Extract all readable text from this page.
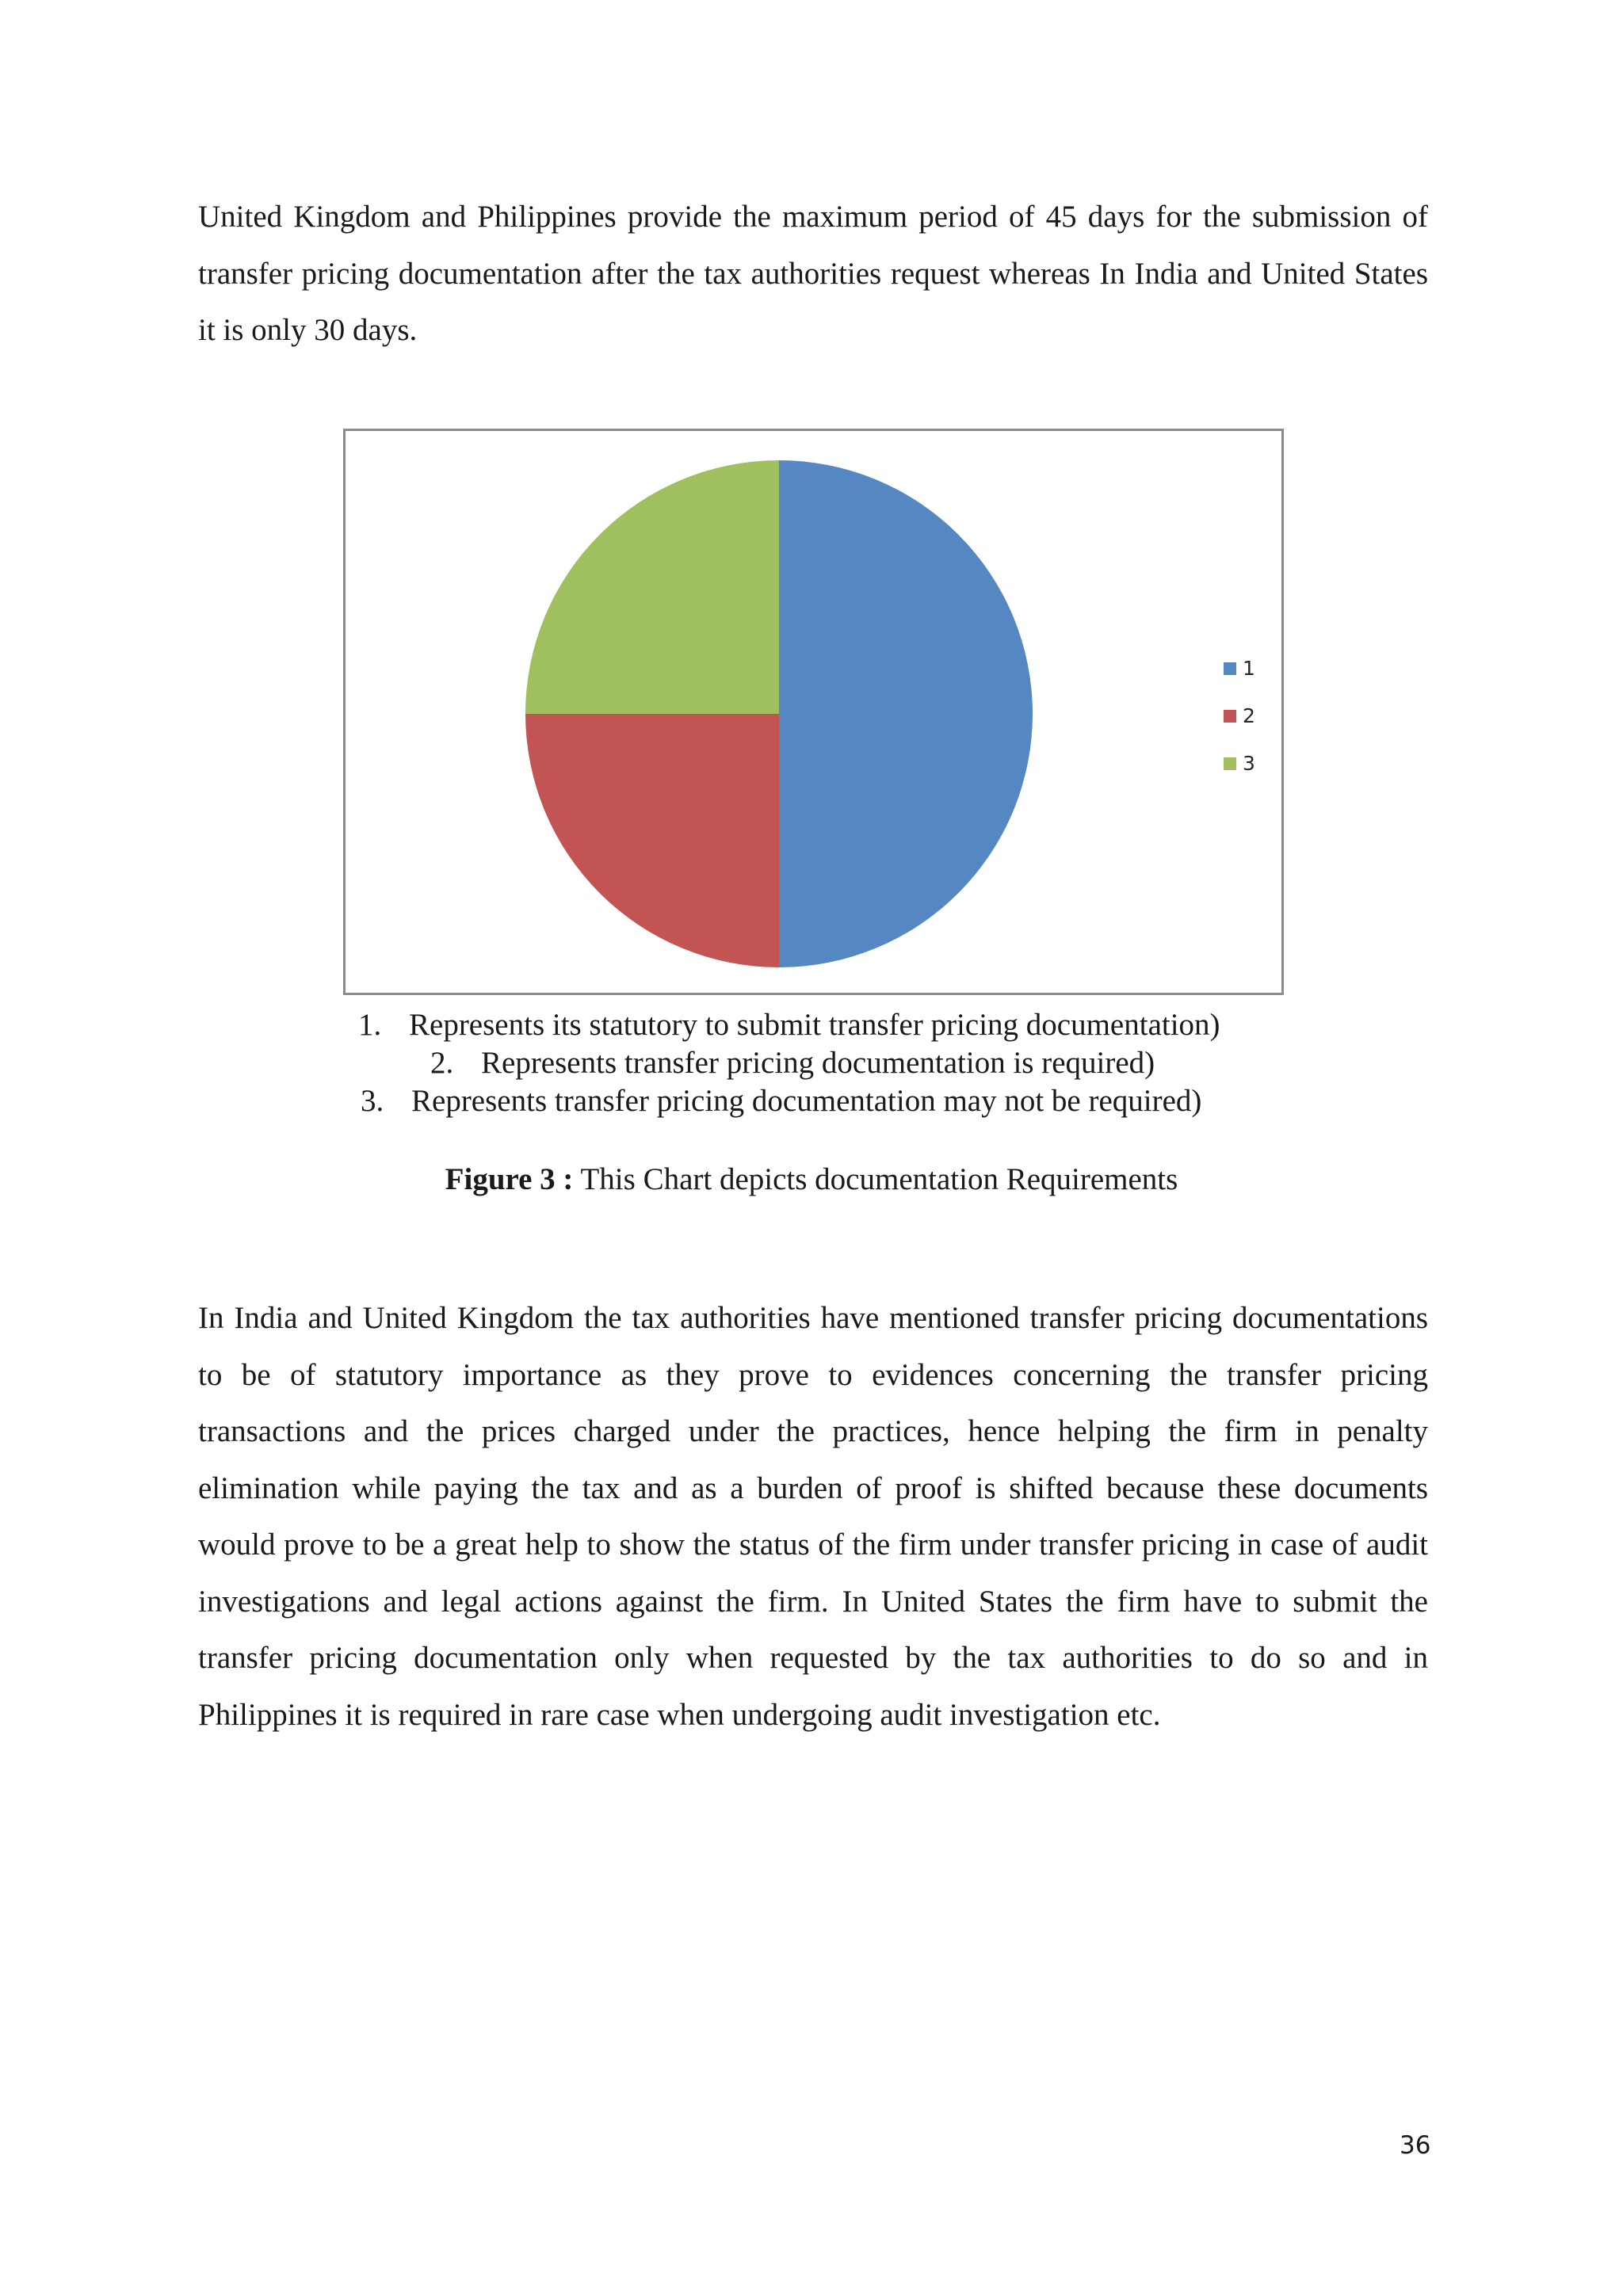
United Kingdom and Philippines provide the maximum period of 45 days for the submission of transfer pricing documentation after the tax authorities request whereas In India and United States it is only 30 days.

1
2
3
1. Represents its statutory to submit transfer pricing documentation)
2. Represents transfer pricing documentation is required)
3. Represents transfer pricing documentation may not be required)
Figure 3 : This Chart depicts documentation Requirements

In India and United Kingdom the tax authorities have mentioned transfer pricing documentations to be of statutory importance as they prove to evidences concerning the transfer pricing transactions and the prices charged under the practices, hence helping the firm in penalty elimination while paying the tax and as a burden of proof is shifted because these documents would prove to be a great help to show the status of the firm under transfer pricing in case of audit investigations and legal actions against the firm. In United States the firm have to submit the transfer pricing documentation only when requested by the tax authorities to do so and in Philippines it is required in rare case when undergoing audit investigation etc.

36
